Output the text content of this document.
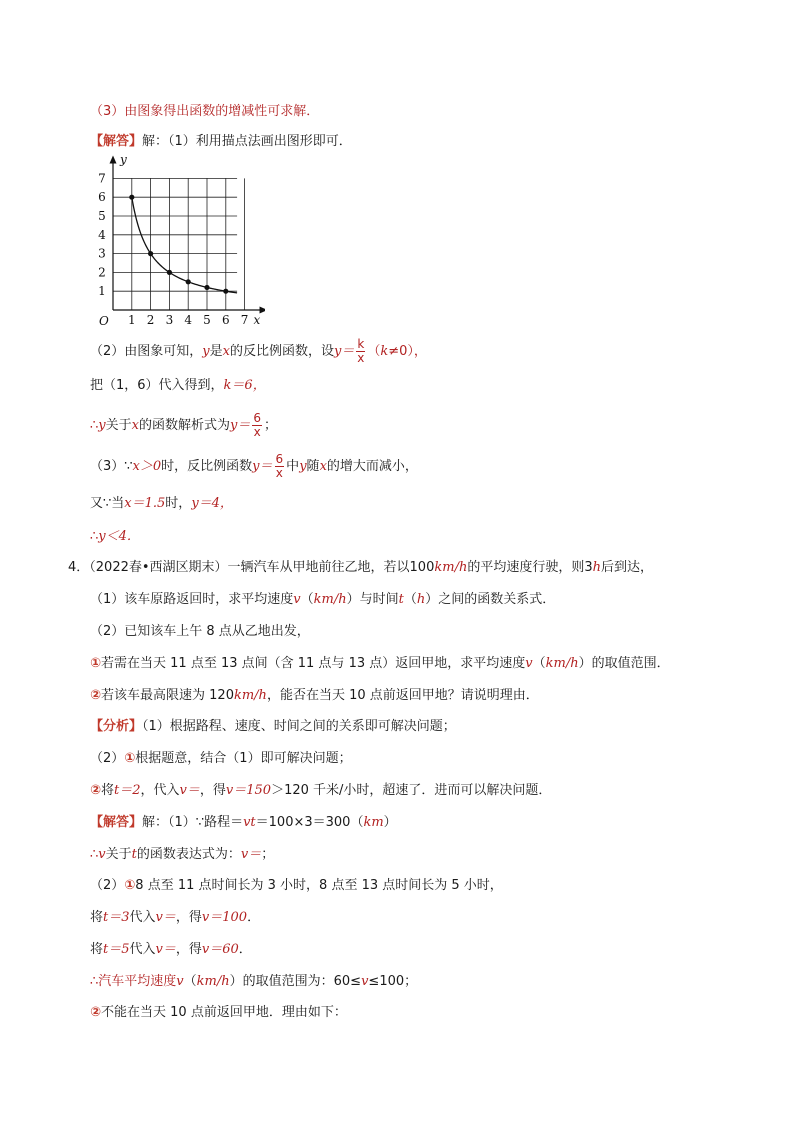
（3）由图象得出函数的增减性可求解．
【解答】解：（1）利用描点法画出图形即可．
1 2 3 4 5 6 7
1
2
3
4
5
6
7
O	x
y
（2）由图象可知，y是x的反比例函数，设$y= \frac{k}{x} (k\ne 0)$，
把（1，6）代入得到，k＝6，
∴y关于x的函数解析式为$y= \frac{6}{x}$ ；
（3）∵x＞0时，反比例函数$y= \frac{6}{x}$ 中y随x的增大而减小，
又∵当x＝1.5时，y＝4，
∴y＜4．
4．（2022春•西湖区期末）一辆汽车从甲地前往乙地，若以100km/h的平均速度行驶，则3h后到达，
（1）该车原路返回时，求平均速度v（km/h）与时间t（h）之间的函数关系式．
（2）已知该车上午 8 点从乙地出发，
①若需在当天 11 点至 13 点间（含 11 点与 13 点）返回甲地，求平均速度v（km/h）的取值范围．
②若该车最高限速为 120km/h，能否在当天 10 点前返回甲地？请说明理由．
【分析】（1）根据路程、速度、时间之间的关系即可解决问题；
（2）①根据题意，结合（1）即可解决问题；
②将t＝2，代入v＝，得v＝150＞120 千米/小时，超速了．进而可以解决问题．
【解答】解：（1）∵路程＝vt＝100×3＝300（km）
∴v关于t的函数表达式为：v＝；
（2）①8 点至 11 点时间长为 3 小时，8 点至 13 点时间长为 5 小时，
将t＝3代入v＝，得v＝100．
将t＝5代入v＝，得v＝60．
∴汽车平均速度v（km/h）的取值范围为：60≤v≤100；
②不能在当天 10 点前返回甲地．理由如下：
